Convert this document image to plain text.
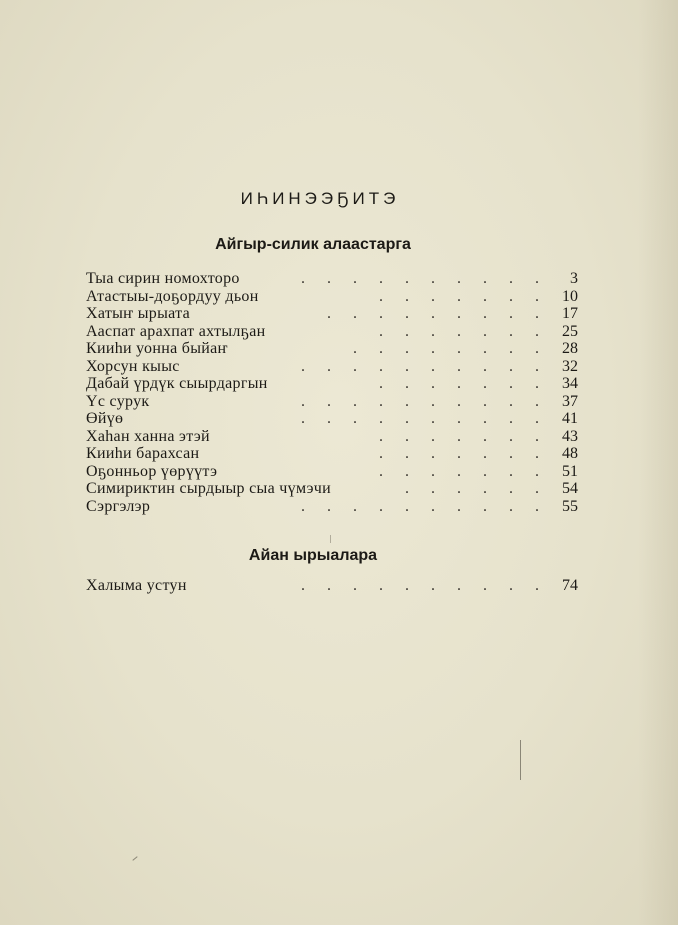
ИҺИНЭЭҔИТЭ
Айгыр-силик алаастарга
Тыа сирин номохторо	. . . . . . . . . .	3
Атастыы-доҕордуу дьон	. . . . . . . 10
Хатыҥ ырыата	. . . . . . . . . 17
Ааспат арахпат ахтылҕан	. . . . . . . 25
Кииһи уонна быйаҥ	. . . . . . . . 28
Хорсун кыыс	. . . . . . . . . . 32
Дабай үрдүк сыырдаргын	. . . . . . . 34
Үс сурук	. . . . . . . . . . 37
Өйүө	. . . . . . . . . . 41
Хаһан ханна этэй	. . . . . . . 43
Кииһи барахсан	. . . . . . . 48
Оҕонньор үөрүүтэ	. . . . . . . 51
Симириктин сырдыыр сыа чүмэчи	. . . . . . 54
Сэргэлэр	. . . . . . . . . . 55
Айан ырыалара
Халыма устун	. . . . . . . . . . 74
